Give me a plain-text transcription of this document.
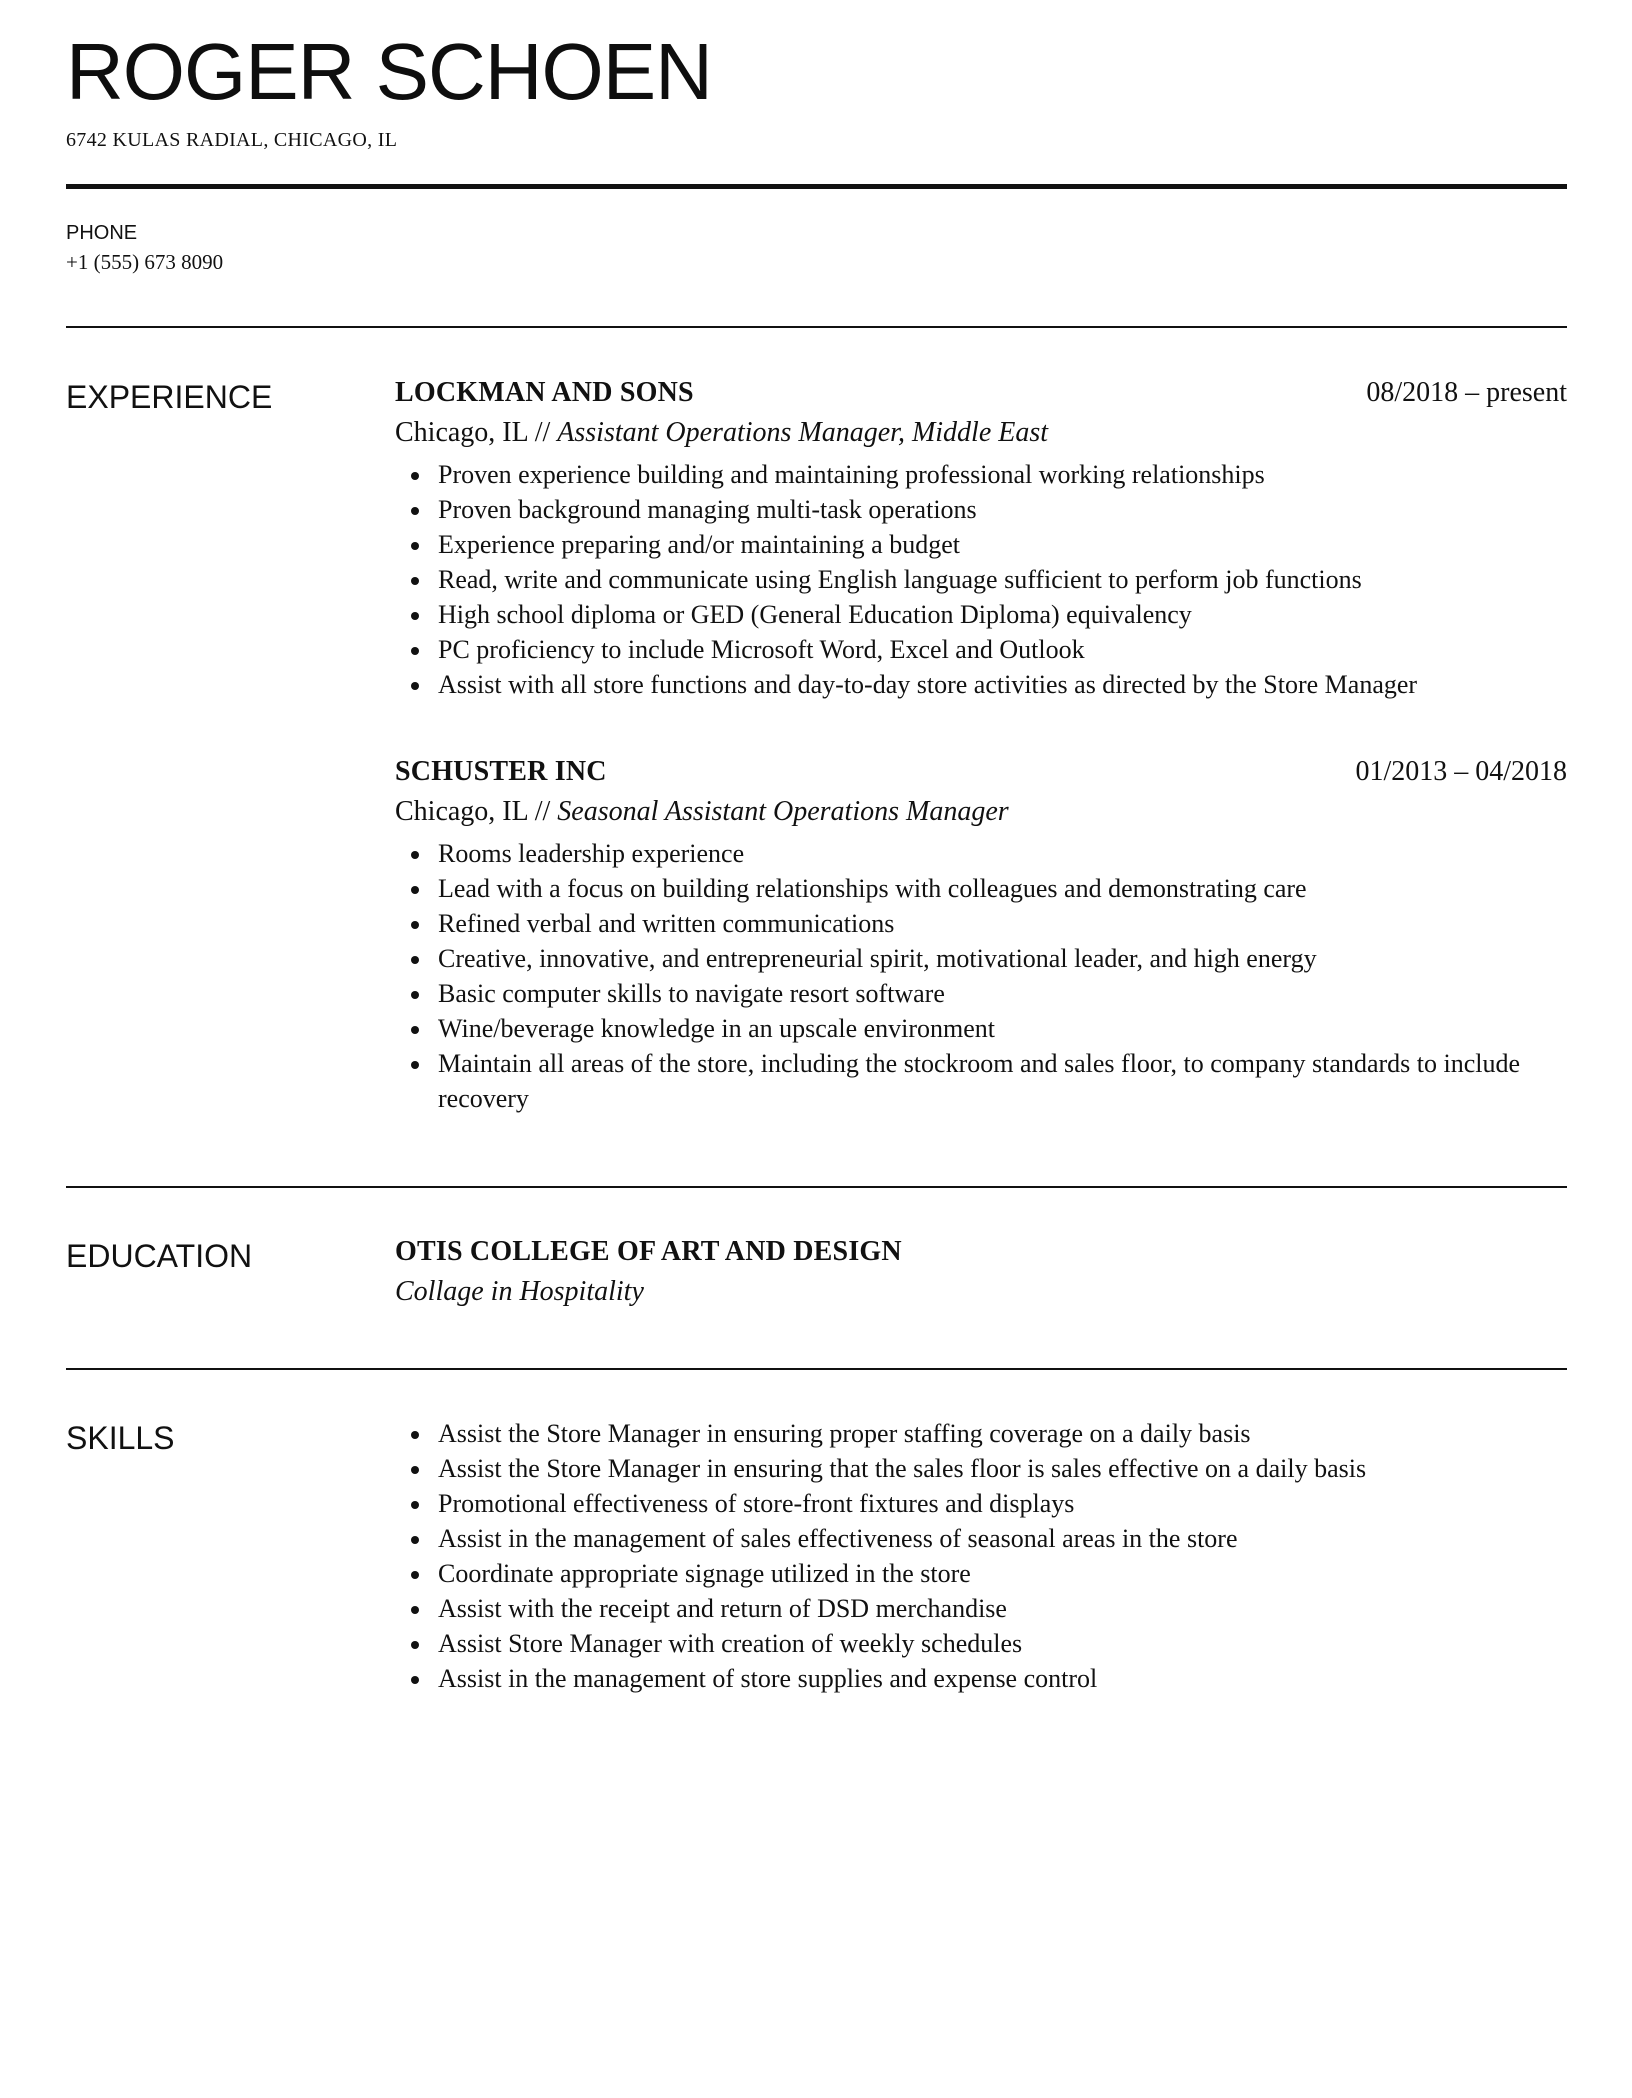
ROGER SCHOEN
6742 KULAS RADIAL, CHICAGO, IL
PHONE
+1 (555) 673 8090
EXPERIENCE	LOCKMAN AND SONS	08/2018 – present
Chicago, IL // Assistant Operations Manager, Middle East
Proven experience building and maintaining professional working relationships
Proven background managing multi-task operations
Experience preparing and/or maintaining a budget
Read, write and communicate using English language sufficient to perform job functions
High school diploma or GED (General Education Diploma) equivalency
PC proficiency to include Microsoft Word, Excel and Outlook
Assist with all store functions and day-to-day store activities as directed by the Store Manager
SCHUSTER INC	01/2013 – 04/2018
Chicago, IL // Seasonal Assistant Operations Manager
Rooms leadership experience
Lead with a focus on building relationships with colleagues and demonstrating care
Refined verbal and written communications
Creative, innovative, and entrepreneurial spirit, motivational leader, and high energy
Basic computer skills to navigate resort software
Wine/beverage knowledge in an upscale environment
Maintain all areas of the store, including the stockroom and sales floor, to company standards to include recovery
EDUCATION	OTIS COLLEGE OF ART AND DESIGN
Collage in Hospitality
SKILLS	Assist the Store Manager in ensuring proper staffing coverage on a daily basis
Assist the Store Manager in ensuring that the sales floor is sales effective on a daily basis
Promotional effectiveness of store-front fixtures and displays
Assist in the management of sales effectiveness of seasonal areas in the store
Coordinate appropriate signage utilized in the store
Assist with the receipt and return of DSD merchandise
Assist Store Manager with creation of weekly schedules
Assist in the management of store supplies and expense control
